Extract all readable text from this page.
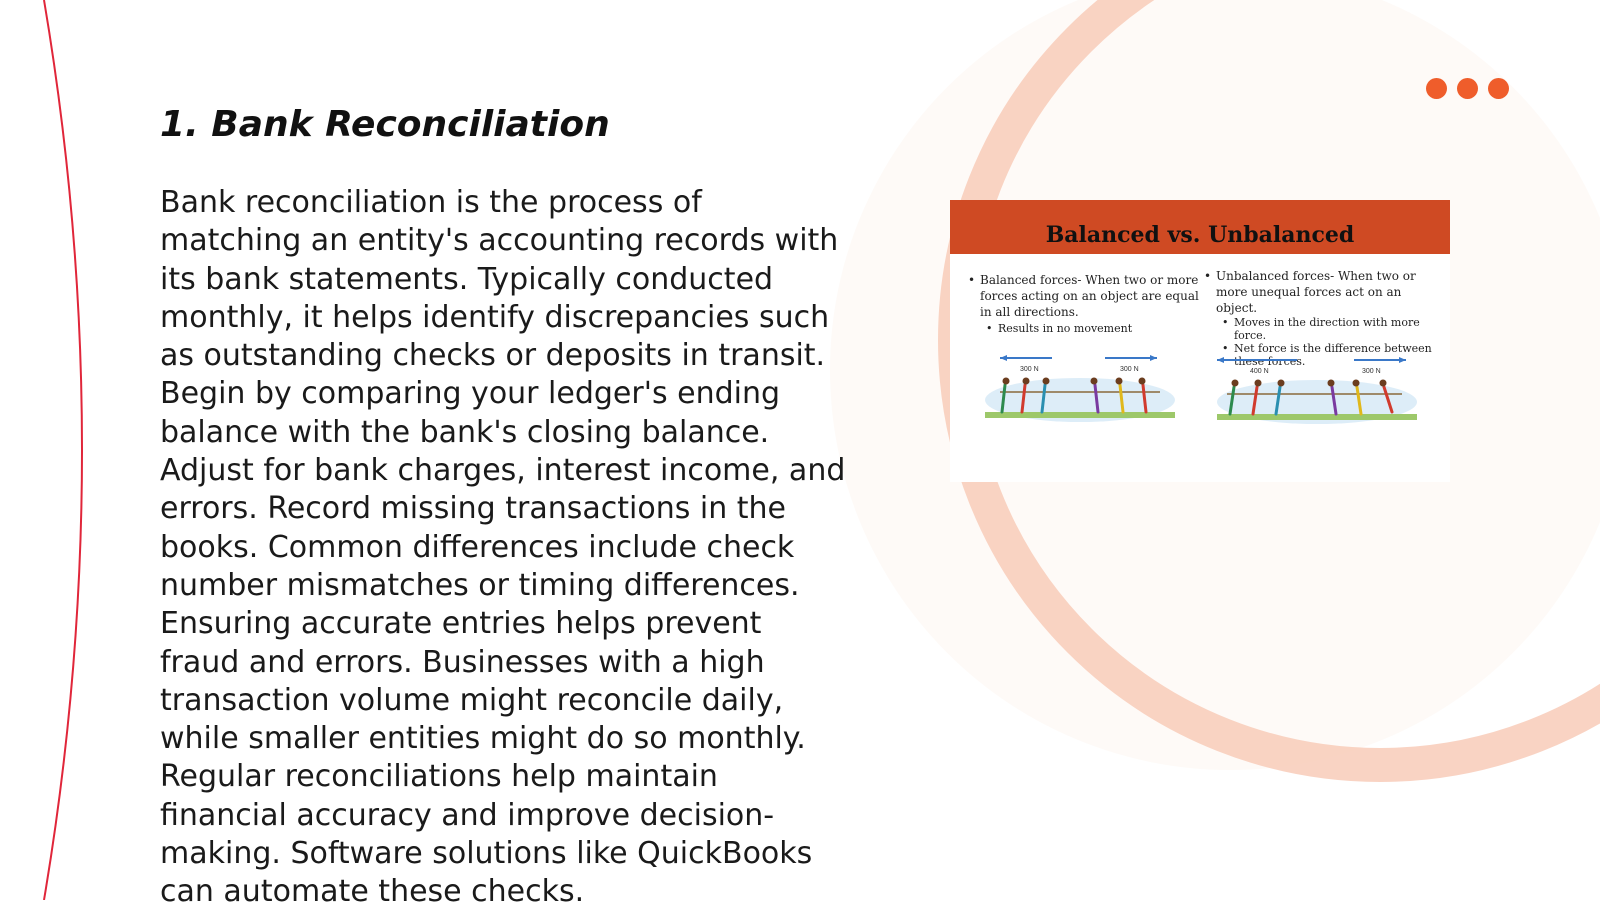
1. Bank Reconciliation

Bank reconciliation is the process of matching an entity's accounting records with its bank statements. Typically conducted monthly, it helps identify discrepancies such as outstanding checks or deposits in transit. Begin by comparing your ledger's ending balance with the bank's closing balance. Adjust for bank charges, interest income, and errors. Record missing transactions in the books. Common differences include check number mismatches or timing differences. Ensuring accurate entries helps prevent fraud and errors. Businesses with a high transaction volume might reconcile daily, while smaller entities might do so monthly. Regular reconciliations help maintain financial accuracy and improve decision-making. Software solutions like QuickBooks can automate these checks.

Balanced vs. Unbalanced
• Balanced forces- When two or more forces acting on an object are equal in all directions.
• Results in no movement
• Unbalanced forces- When two or more unequal forces act on an object.
• Moves in the direction with more force.
• Net force is the difference between these forces.
300 N	300 N	400 N	300 N
